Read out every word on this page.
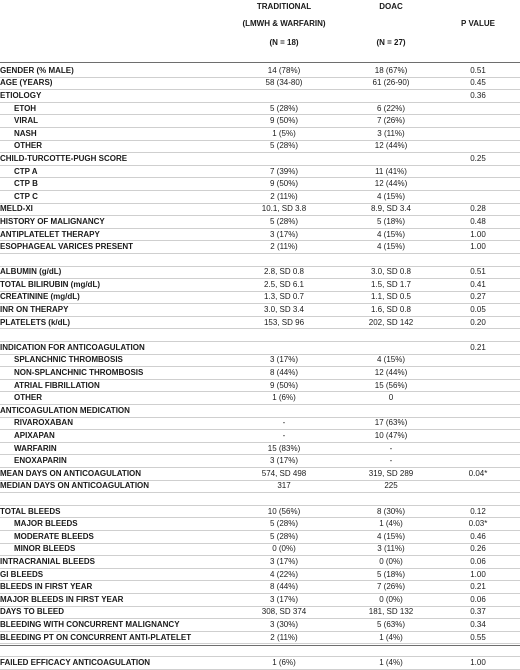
TRADITIONAL
(LMWH & WARFARIN)
(N = 18)
DOAC
(N = 27)
P VALUE
GENDER (% MALE)	14 (78%)	18 (67%)	0.51
AGE (YEARS)	58 (34-80)	61 (26-90)	0.45
ETIOLOGY			0.36
ETOH	5 (28%)	6 (22%)	
VIRAL	9 (50%)	7 (26%)	
NASH	1 (5%)	3 (11%)	
OTHER	5 (28%)	12 (44%)	
CHILD-TURCOTTE-PUGH SCORE			0.25
CTP A	7 (39%)	11 (41%)	
CTP B	9 (50%)	12 (44%)	
CTP C	2 (11%)	4 (15%)	
MELD-XI	10.1, SD 3.8	8.9, SD 3.4	0.28
HISTORY OF MALIGNANCY	5 (28%)	5 (18%)	0.48
ANTIPLATELET THERAPY	3 (17%)	4 (15%)	1.00
ESOPHAGEAL VARICES PRESENT	2 (11%)	4 (15%)	1.00

ALBUMIN (g/dL)	2.8, SD 0.8	3.0, SD 0.8	0.51
TOTAL BILIRUBIN (mg/dL)	2.5, SD 6.1	1.5, SD 1.7	0.41
CREATININE (mg/dL)	1.3, SD 0.7	1.1, SD 0.5	0.27
INR ON THERAPY	3.0, SD 3.4	1.6, SD 0.8	0.05
PLATELETS (k/dL)	153, SD 96	202, SD 142	0.20

INDICATION FOR ANTICOAGULATION			0.21
SPLANCHNIC THROMBOSIS	3 (17%)	4 (15%)	
NON-SPLANCHNIC THROMBOSIS	8 (44%)	12 (44%)	
ATRIAL FIBRILLATION	9 (50%)	15 (56%)	
OTHER	1 (6%)	0	
ANTICOAGULATION MEDICATION			
RIVAROXABAN	-	17 (63%)	
APIXAPAN	-	10 (47%)	
WARFARIN	15 (83%)	-	
ENOXAPARIN	3 (17%)	-	
MEAN DAYS ON ANTICOAGULATION	574, SD 498	319, SD 289	0.04*
MEDIAN DAYS ON ANTICOAGULATION	317	225	

TOTAL BLEEDS	10 (56%)	8 (30%)	0.12
MAJOR BLEEDS	5 (28%)	1 (4%)	0.03*
MODERATE BLEEDS	5 (28%)	4 (15%)	0.46
MINOR BLEEDS	0 (0%)	3 (11%)	0.26
INTRACRANIAL BLEEDS	3 (17%)	0 (0%)	0.06
GI BLEEDS	4 (22%)	5 (18%)	1.00
BLEEDS IN FIRST YEAR	8 (44%)	7 (26%)	0.21
MAJOR BLEEDS IN FIRST YEAR	3 (17%)	0 (0%)	0.06
DAYS TO BLEED	308, SD 374	181, SD 132	0.37
BLEEDING WITH CONCURRENT MALIGNANCY	3 (30%)	5 (63%)	0.34
BLEEDING PT ON CONCURRENT ANTI-PLATELET	2 (11%)	1 (4%)	0.55

FAILED EFFICACY ANTICOAGULATION	1 (6%)	1 (4%)	1.00
